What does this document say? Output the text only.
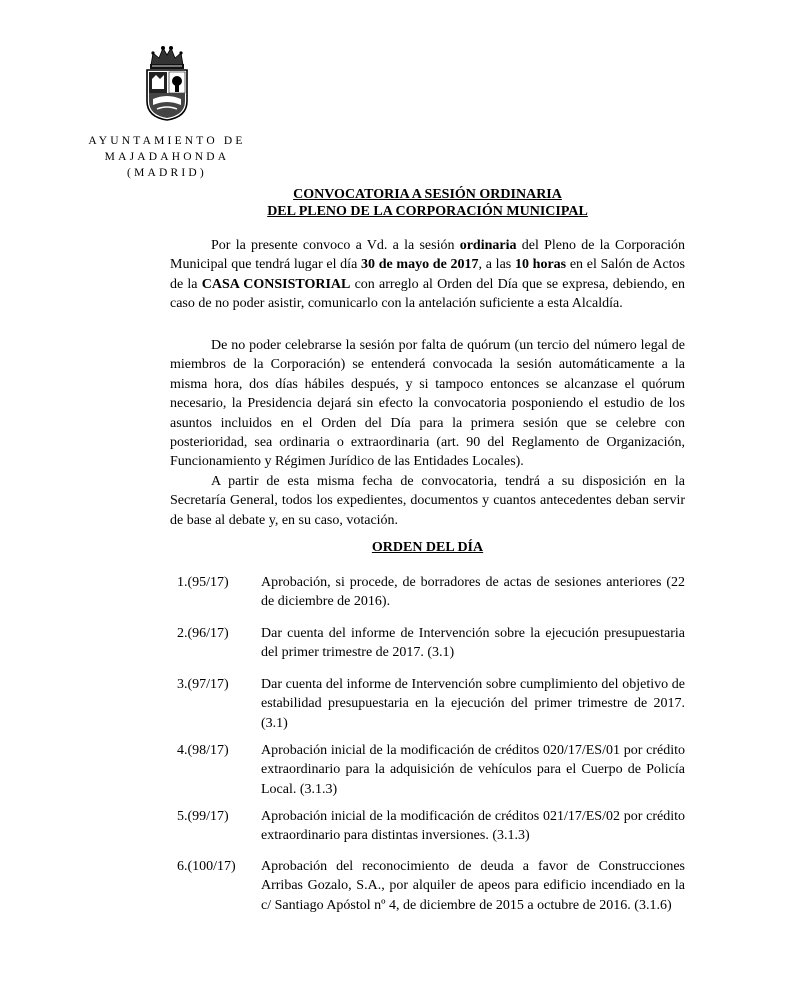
AYUNTAMIENTO DE
MAJADAHONDA
(MADRID)
CONVOCATORIA A SESIÓN ORDINARIA
DEL PLENO DE LA CORPORACIÓN MUNICIPAL

Por la presente convoco a Vd. a la sesión ordinaria del Pleno de la Corporación Municipal que tendrá lugar el día 30 de mayo de 2017, a las 10 horas en el Salón de Actos de la CASA CONSISTORIAL con arreglo al Orden del Día que se expresa, debiendo, en caso de no poder asistir, comunicarlo con la antelación suficiente a esta Alcaldía.

De no poder celebrarse la sesión por falta de quórum (un tercio del número legal de miembros de la Corporación) se entenderá convocada la sesión automáticamente a la misma hora, dos días hábiles después, y si tampoco entonces se alcanzase el quórum necesario, la Presidencia dejará sin efecto la convocatoria posponiendo el estudio de los asuntos incluidos en el Orden del Día para la primera sesión que se celebre con posterioridad, sea ordinaria o extraordinaria (art. 90 del Reglamento de Organización, Funcionamiento y Régimen Jurídico de las Entidades Locales).

A partir de esta misma fecha de convocatoria, tendrá a su disposición en la Secretaría General, todos los expedientes, documentos y cuantos antecedentes deban servir de base al debate y, en su caso, votación.

ORDEN DEL DÍA
1.(95/17)	Aprobación, si procede, de borradores de actas de sesiones anteriores (22 de diciembre de 2016).
2.(96/17)	Dar cuenta del informe de Intervención sobre la ejecución presupuestaria del primer trimestre de 2017. (3.1)
3.(97/17)	Dar cuenta del informe de Intervención sobre cumplimiento del objetivo de estabilidad presupuestaria en la ejecución del primer trimestre de 2017. (3.1)
4.(98/17)	Aprobación inicial de la modificación de créditos 020/17/ES/01 por crédito extraordinario para la adquisición de vehículos para el Cuerpo de Policía Local. (3.1.3)
5.(99/17)	Aprobación inicial de la modificación de créditos 021/17/ES/02 por crédito extraordinario para distintas inversiones. (3.1.3)
6.(100/17)	Aprobación del reconocimiento de deuda a favor de Construcciones Arribas Gozalo, S.A., por alquiler de apeos para edificio incendiado en la c/ Santiago Apóstol nº 4, de diciembre de 2015 a octubre de 2016. (3.1.6)
